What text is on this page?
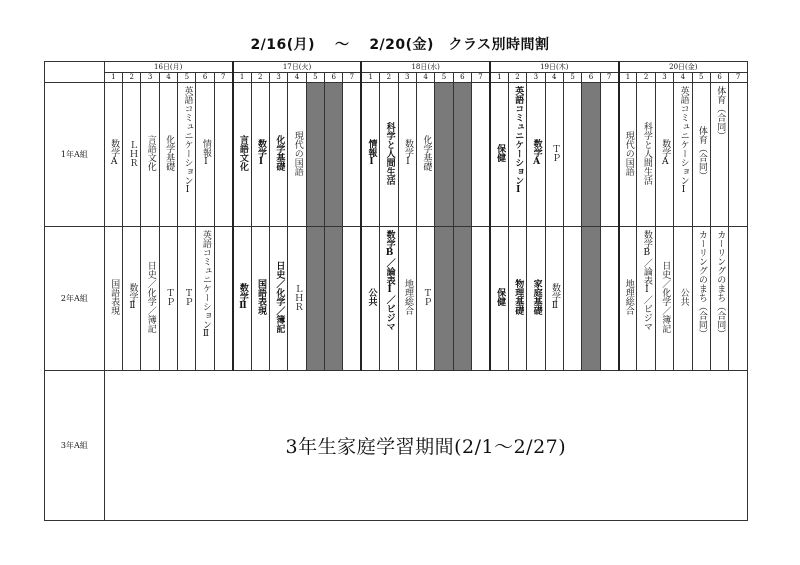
2/16(月)　 〜　 2/20(金)　クラス別時間割
	16日(月)							17日(火)							18日(水)							19日(木)							20日(金)						
	1	2	3	4	5	6	7	1	2	3	4	5	6	7	1	2	3	4	5	6	7	1	2	3	4	5	6	7	1	2	3	4	5	6	7
1年A組	数学A	ＬＨＲ	言語文化	化学基礎	英語コミュニケーションⅠ	情報Ⅰ		言語文化	数学Ⅰ	化学基礎	現代の国語				情報Ⅰ	科学と人間生活	数学Ⅰ	化学基礎				保健	英語コミュニケーションⅠ	数学A	ＴＰ				現代の国語	科学と人間生活	数学A	英語コミュニケーションⅠ	体育（合同）	体育（合同）	
2年A組	国語表現	数学Ⅱ	日史／化学／簿記	ＴＰ	ＴＰ	英語コミュニケーションⅡ		数学Ⅱ	国語表現	日史／化学／簿記	ＬＨＲ				公共	数学B／論表Ⅰ／ビジマ	地理総合	ＴＰ				保健	物理基礎	家庭基礎	数学Ⅱ				地理総合	数学B／論表Ⅰ／ビジマ	日史／化学／簿記	公共	カーリングのまち（合同）	カーリングのまち（合同）	
3年A組	3年生家庭学習期間(2/1〜2/27)																																		
